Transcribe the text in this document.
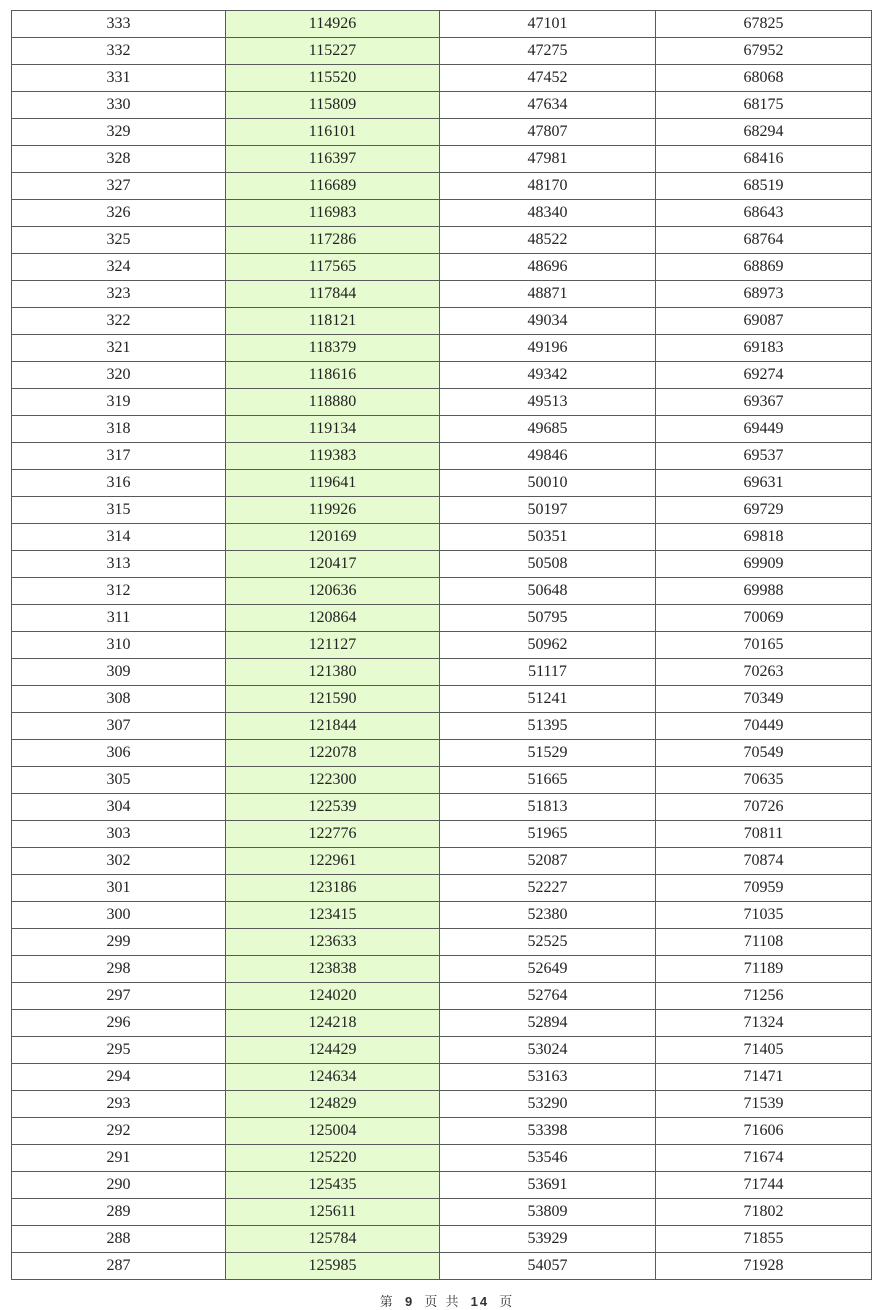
333	114926	47101	67825
332	115227	47275	67952
331	115520	47452	68068
330	115809	47634	68175
329	116101	47807	68294
328	116397	47981	68416
327	116689	48170	68519
326	116983	48340	68643
325	117286	48522	68764
324	117565	48696	68869
323	117844	48871	68973
322	118121	49034	69087
321	118379	49196	69183
320	118616	49342	69274
319	118880	49513	69367
318	119134	49685	69449
317	119383	49846	69537
316	119641	50010	69631
315	119926	50197	69729
314	120169	50351	69818
313	120417	50508	69909
312	120636	50648	69988
311	120864	50795	70069
310	121127	50962	70165
309	121380	51117	70263
308	121590	51241	70349
307	121844	51395	70449
306	122078	51529	70549
305	122300	51665	70635
304	122539	51813	70726
303	122776	51965	70811
302	122961	52087	70874
301	123186	52227	70959
300	123415	52380	71035
299	123633	52525	71108
298	123838	52649	71189
297	124020	52764	71256
296	124218	52894	71324
295	124429	53024	71405
294	124634	53163	71471
293	124829	53290	71539
292	125004	53398	71606
291	125220	53546	71674
290	125435	53691	71744
289	125611	53809	71802
288	125784	53929	71855
287	125985	54057	71928
第 9 页 共 14 页
